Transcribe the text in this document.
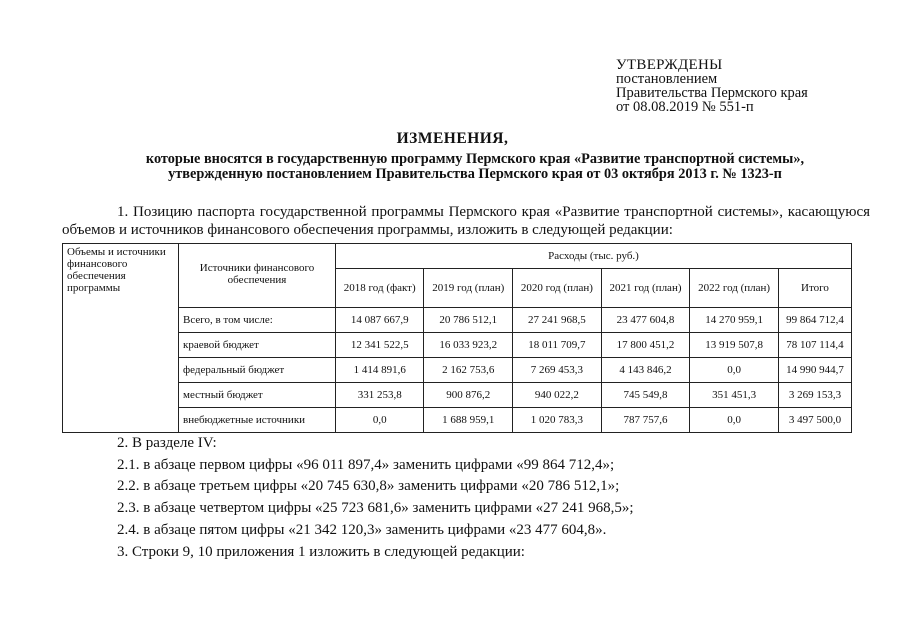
УТВЕРЖДЕНЫ
постановлением
Правительства Пермского края
от 08.08.2019 № 551-п
ИЗМЕНЕНИЯ,
которые вносятся в государственную программу Пермского края «Развитие транспортной системы»,
утвержденную постановлением Правительства Пермского края от 03 октября 2013 г. № 1323-п
1. Позицию паспорта государственной программы Пермского края «Развитие транспортной системы», касающуюся объемов и источников финансового обеспечения программы, изложить в следующей редакции:
Объемы и источники финансового обеспечения программы	Источники финансового обеспечения	Расходы (тыс. руб.)					
		2018 год (факт)	2019 год (план)	2020 год (план)	2021 год (план)	2022 год (план)	Итого
	Всего, в том числе:	14 087 667,9	20 786 512,1	27 241 968,5	23 477 604,8	14 270 959,1	99 864 712,4
	краевой бюджет	12 341 522,5	16 033 923,2	18 011 709,7	17 800 451,2	13 919 507,8	78 107 114,4
	федеральный бюджет	1 414 891,6	2 162 753,6	7 269 453,3	4 143 846,2	0,0	14 990 944,7
	местный бюджет	331 253,8	900 876,2	940 022,2	745 549,8	351 451,3	3 269 153,3
	внебюджетные источники	0,0	1 688 959,1	1 020 783,3	787 757,6	0,0	3 497 500,0
2. В разделе IV:
2.1. в абзаце первом цифры «96 011 897,4» заменить цифрами «99 864 712,4»;
2.2. в абзаце третьем цифры «20 745 630,8» заменить цифрами «20 786 512,1»;
2.3. в абзаце четвертом цифры «25 723 681,6» заменить цифрами «27 241 968,5»;
2.4. в абзаце пятом цифры «21 342 120,3» заменить цифрами «23 477 604,8».
3. Строки 9, 10 приложения 1 изложить в следующей редакции:
